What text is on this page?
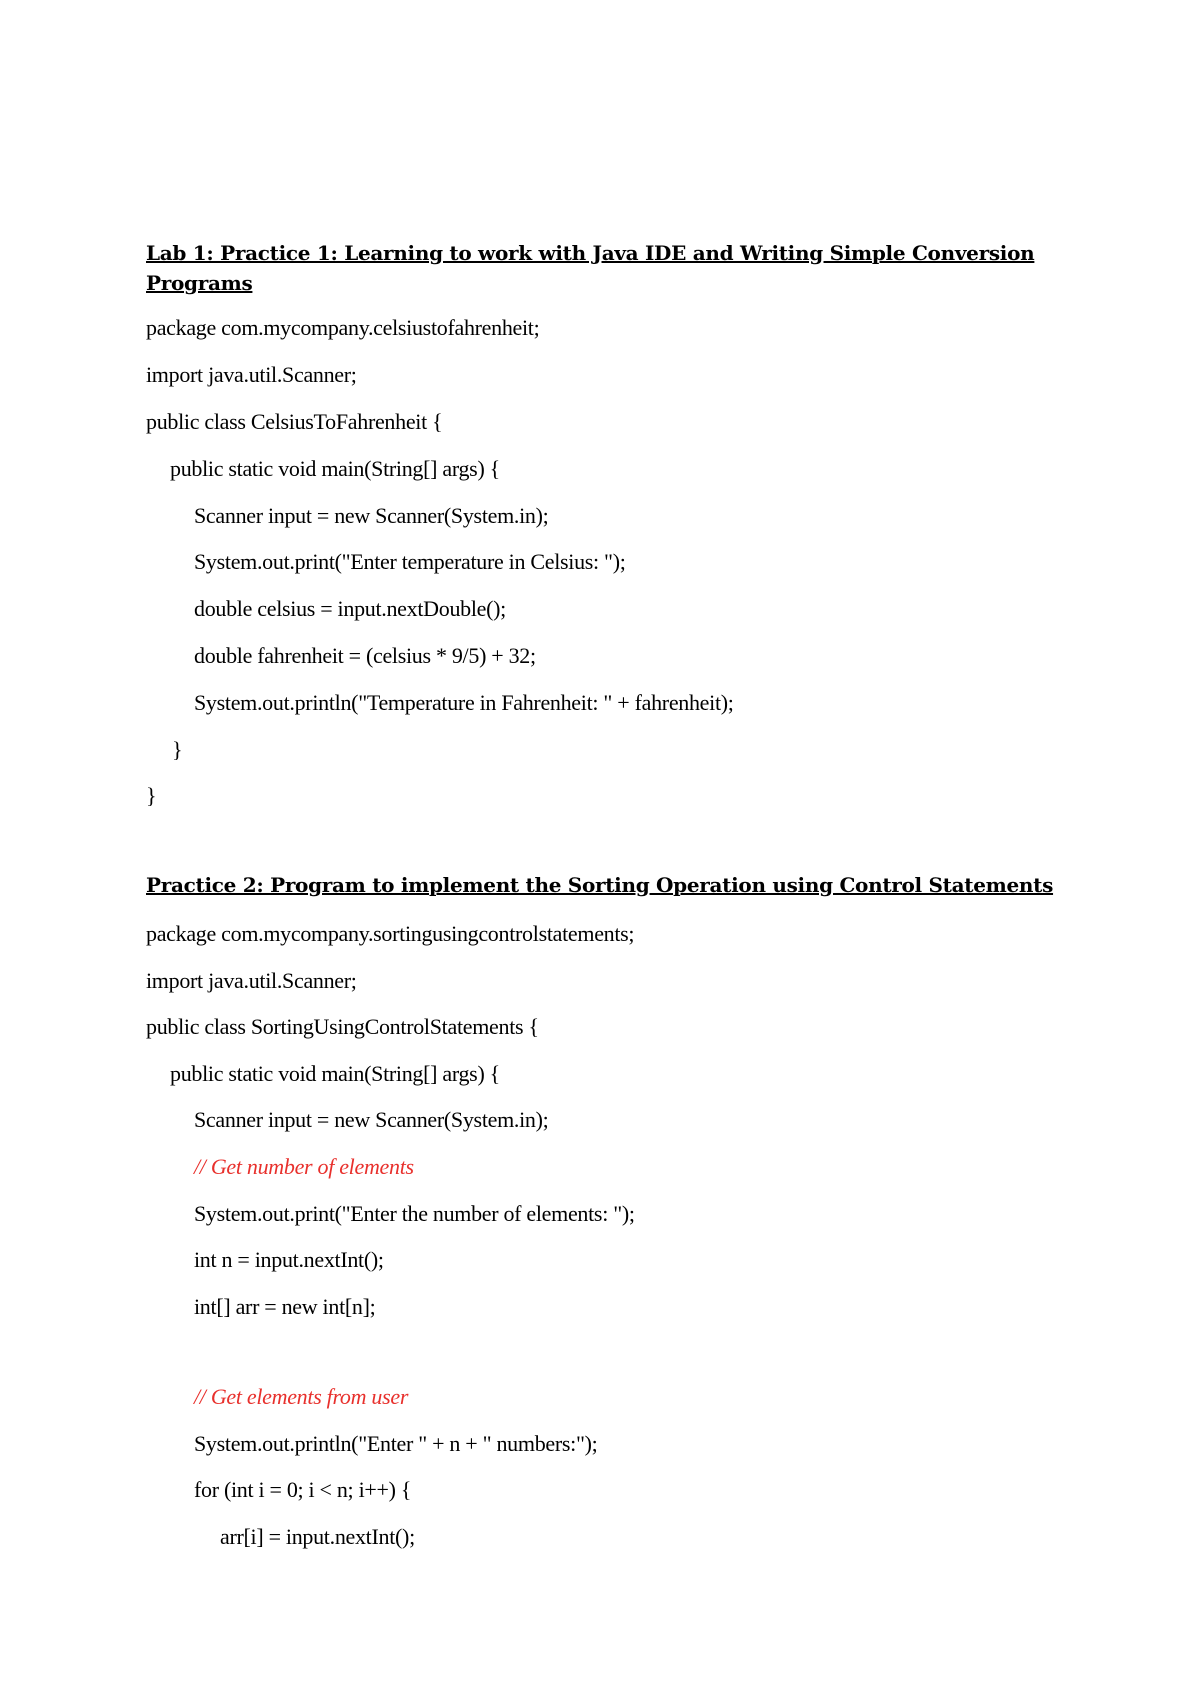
Lab 1: Practice 1: Learning to work with Java IDE and Writing Simple Conversion
Programs

package com.mycompany.celsiustofahrenheit;

import java.util.Scanner;

public class CelsiusToFahrenheit {

public static void main(String[] args) {

Scanner input = new Scanner(System.in);

System.out.print("Enter temperature in Celsius: ");

double celsius = input.nextDouble();

double fahrenheit = (celsius * 9/5) + 32;

System.out.println("Temperature in Fahrenheit: " + fahrenheit);

}

}

Practice 2: Program to implement the Sorting Operation using Control Statements

package com.mycompany.sortingusingcontrolstatements;

import java.util.Scanner;

public class SortingUsingControlStatements {

public static void main(String[] args) {

Scanner input = new Scanner(System.in);

// Get number of elements

System.out.print("Enter the number of elements: ");

int n = input.nextInt();

int[] arr = new int[n];

// Get elements from user

System.out.println("Enter " + n + " numbers:");

for (int i = 0; i < n; i++) {

arr[i] = input.nextInt();
